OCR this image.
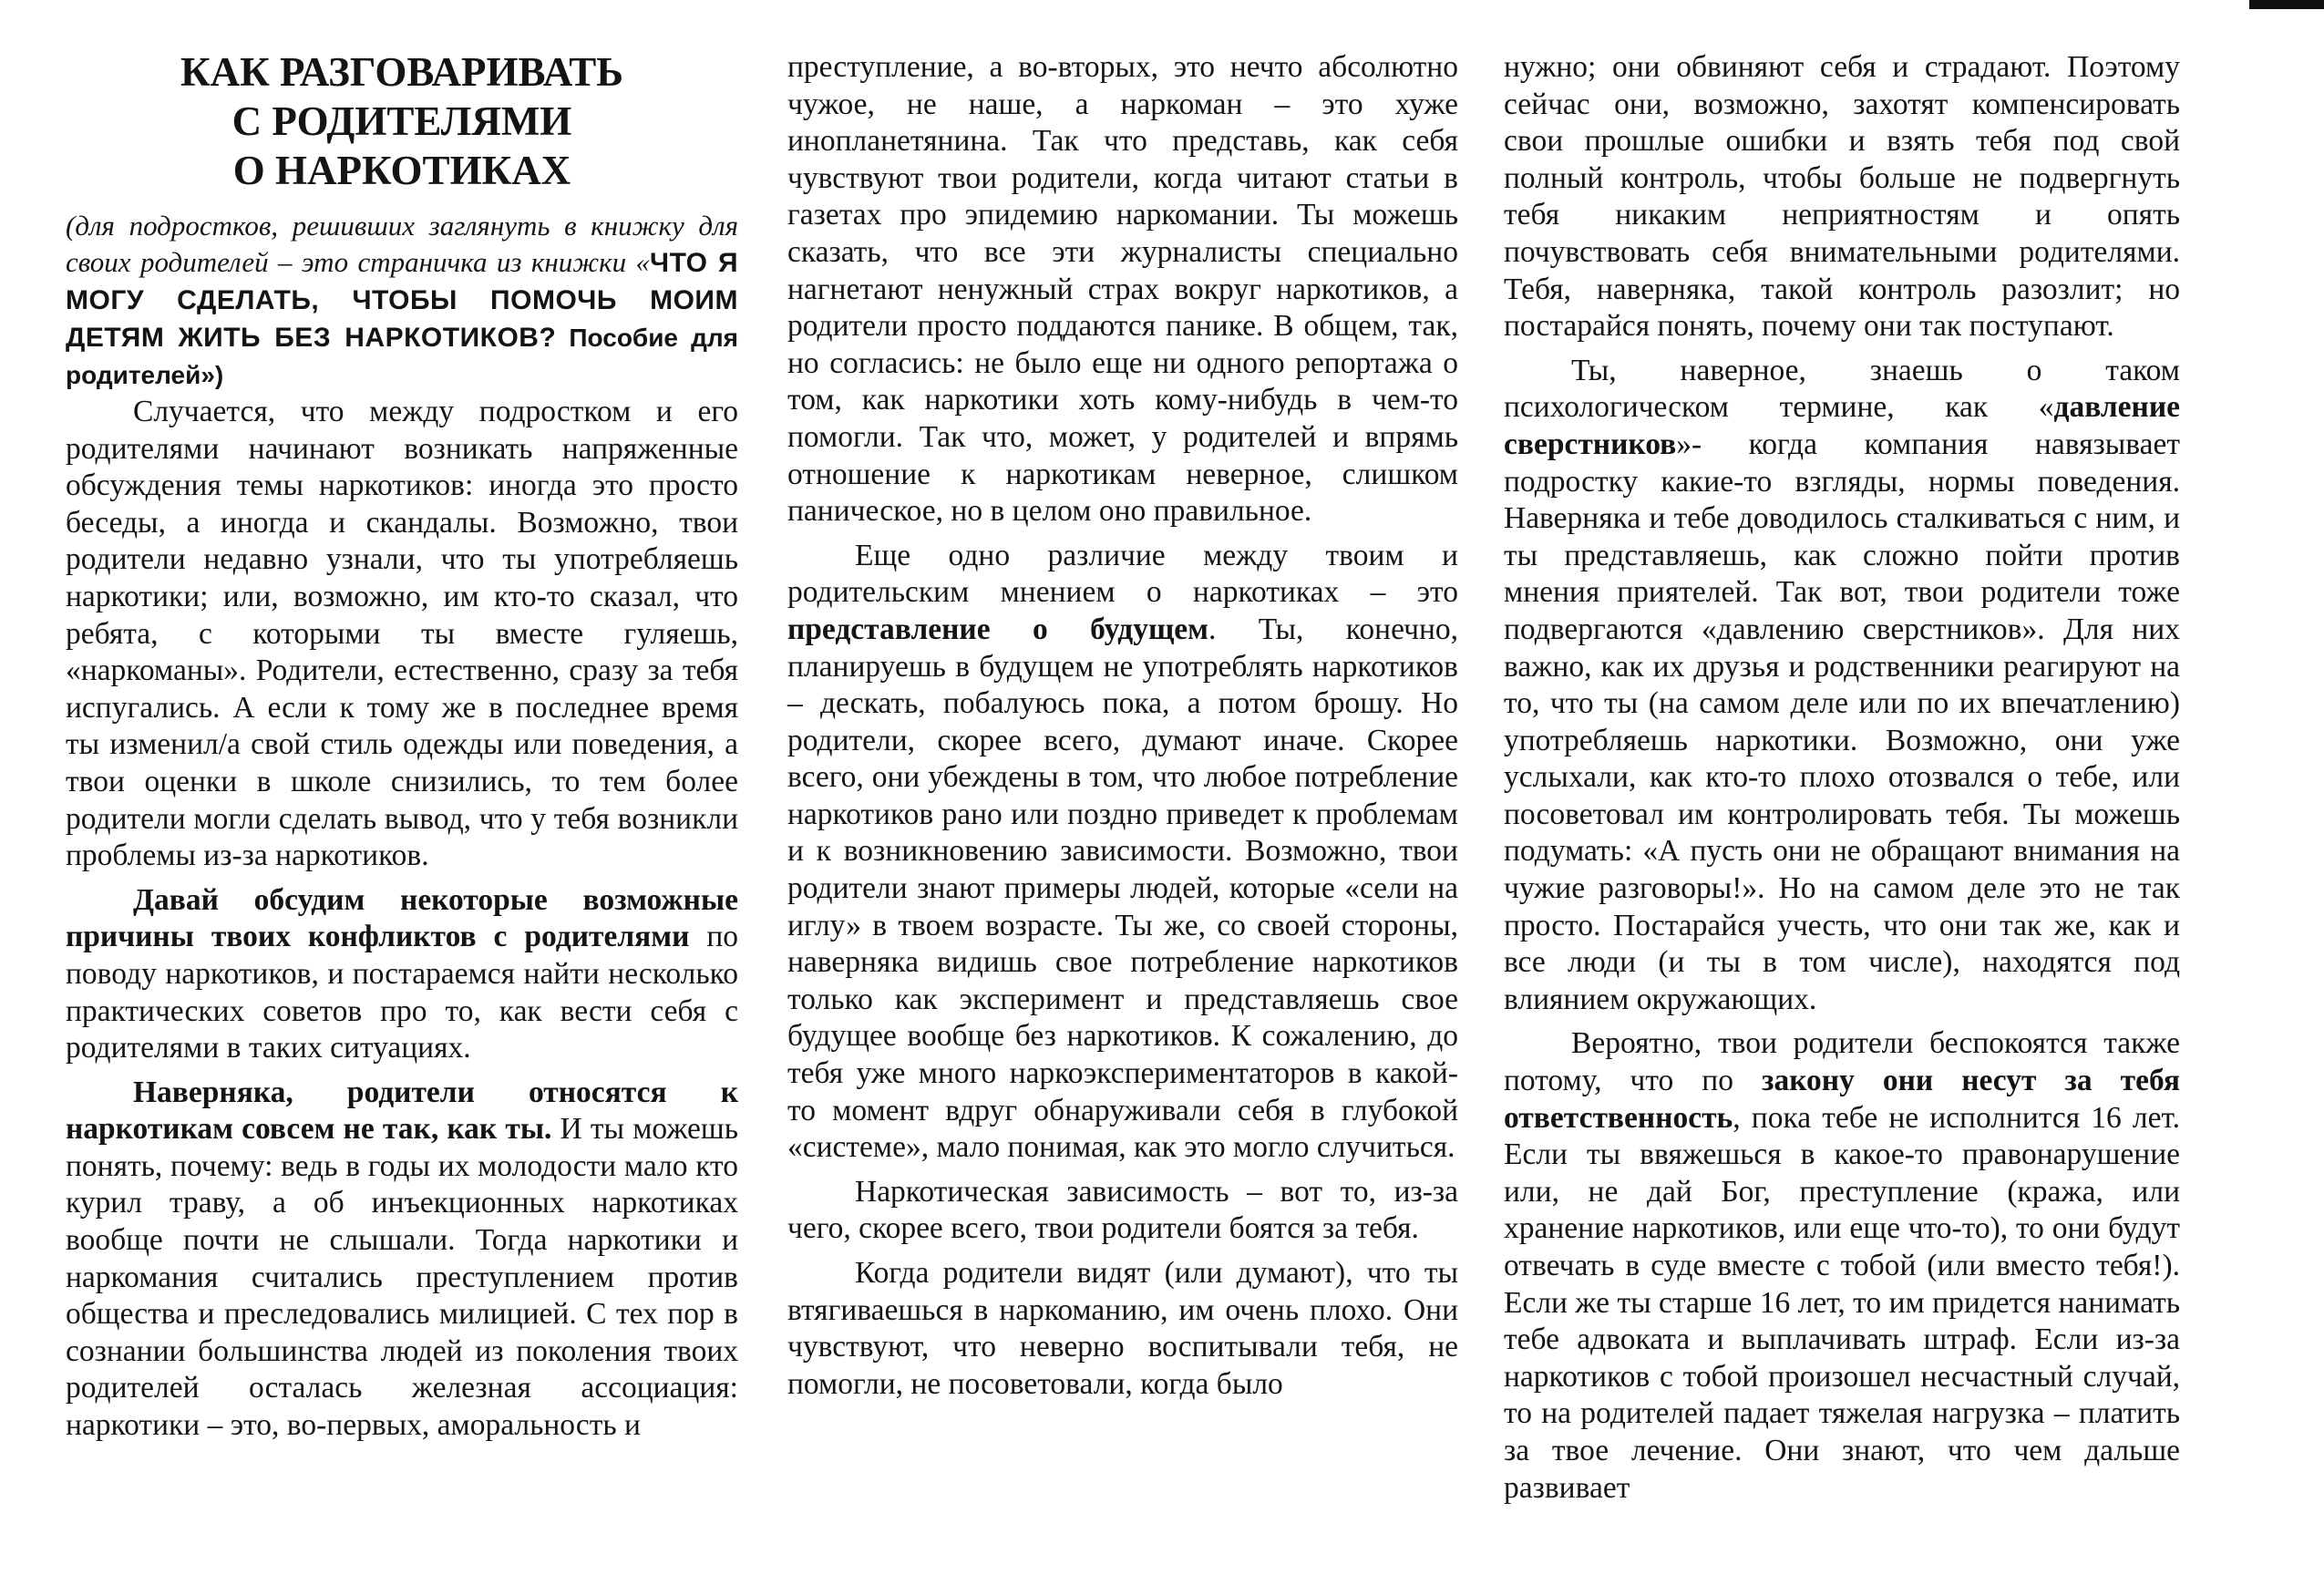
КАК РАЗГОВАРИВАТЬ
С РОДИТЕЛЯМИ
О НАРКОТИКАХ

(для подростков, решивших заглянуть в книжку для своих родителей – это страничка из книжки «ЧТО Я МОГУ СДЕЛАТЬ, ЧТОБЫ ПОМОЧЬ МОИМ ДЕТЯМ ЖИТЬ БЕЗ НАРКОТИКОВ? Пособие для родителей»)

Случается, что между подростком и его родителями начинают возникать напряженные обсуждения темы наркотиков: иногда это просто беседы, а иногда и скандалы. Возможно, твои родители недавно узнали, что ты употребляешь наркотики; или, возможно, им кто-то сказал, что ребята, с которыми ты вместе гуляешь, «наркоманы». Родители, естественно, сразу за тебя испугались. А если к тому же в последнее время ты изменил/а свой стиль одежды или поведения, а твои оценки в школе снизились, то тем более родители могли сделать вывод, что у тебя возникли проблемы из-за наркотиков.

Давай обсудим некоторые возможные причины твоих конфликтов с родителями по поводу наркотиков, и постараемся найти несколько практических советов про то, как вести себя с родителями в таких ситуациях.

Наверняка, родители относятся к наркотикам совсем не так, как ты. И ты можешь понять, почему: ведь в годы их молодости мало кто курил траву, а об инъекционных наркотиках вообще почти не слышали. Тогда наркотики и наркомания считались преступлением против общества и преследовались милицией. С тех пор в сознании большинства людей из поколения твоих родителей осталась железная ассоциация: наркотики – это, во-первых, аморальность и

преступление, а во-вторых, это нечто абсолютно чужое, не наше, а наркоман – это хуже инопланетянина. Так что представь, как себя чувствуют твои родители, когда читают статьи в газетах про эпидемию наркомании. Ты можешь сказать, что все эти журналисты специально нагнетают ненужный страх вокруг наркотиков, а родители просто поддаются панике. В общем, так, но согласись: не было еще ни одного репортажа о том, как наркотики хоть кому-нибудь в чем-то помогли. Так что, может, у родителей и впрямь отношение к наркотикам неверное, слишком паническое, но в целом оно правильное.

Еще одно различие между твоим и родительским мнением о наркотиках – это представление о будущем. Ты, конечно, планируешь в будущем не употреблять наркотиков – дескать, побалуюсь пока, а потом брошу. Но родители, скорее всего, думают иначе. Скорее всего, они убеждены в том, что любое потребление наркотиков рано или поздно приведет к проблемам и к возникновению зависимости. Возможно, твои родители знают примеры людей, которые «сели на иглу» в твоем возрасте. Ты же, со своей стороны, наверняка видишь свое потребление наркотиков только как эксперимент и представляешь свое будущее вообще без наркотиков. К сожалению, до тебя уже много наркоэкспериментаторов в какой-то момент вдруг обнаруживали себя в глубокой «системе», мало понимая, как это могло случиться.

Наркотическая зависимость – вот то, из-за чего, скорее всего, твои родители боятся за тебя.

Когда родители видят (или думают), что ты втягиваешься в наркоманию, им очень плохо. Они чувствуют, что неверно воспитывали тебя, не помогли, не посоветовали, когда было

нужно; они обвиняют себя и страдают. Поэтому сейчас они, возможно, захотят компенсировать свои прошлые ошибки и взять тебя под свой полный контроль, чтобы больше не подвергнуть тебя никаким неприятностям и опять почувствовать себя внимательными родителями. Тебя, наверняка, такой контроль разозлит; но постарайся понять, почему они так поступают.

Ты, наверное, знаешь о таком психологическом термине, как «давление сверстников»- когда компания навязывает подростку какие-то взгляды, нормы поведения. Наверняка и тебе доводилось сталкиваться с ним, и ты представляешь, как сложно пойти против мнения приятелей. Так вот, твои родители тоже подвергаются «давлению сверстников». Для них важно, как их друзья и родственники реагируют на то, что ты (на самом деле или по их впечатлению) употребляешь наркотики. Возможно, они уже услыхали, как кто-то плохо отозвался о тебе, или посоветовал им контролировать тебя. Ты можешь подумать: «А пусть они не обращают внимания на чужие разговоры!». Но на самом деле это не так просто. Постарайся учесть, что они так же, как и все люди (и ты в том числе), находятся под влиянием окружающих.

Вероятно, твои родители беспокоятся также потому, что по закону они несут за тебя ответственность, пока тебе не исполнится 16 лет. Если ты ввяжешься в какое-то правонарушение или, не дай Бог, преступление (кража, или хранение наркотиков, или еще что-то), то они будут отвечать в суде вместе с тобой (или вместо тебя!). Если же ты старше 16 лет, то им придется нанимать тебе адвоката и выплачивать штраф. Если из-за наркотиков с тобой произошел несчастный случай, то на родителей падает тяжелая нагрузка – платить за твое лечение. Они знают, что чем дальше развивает
